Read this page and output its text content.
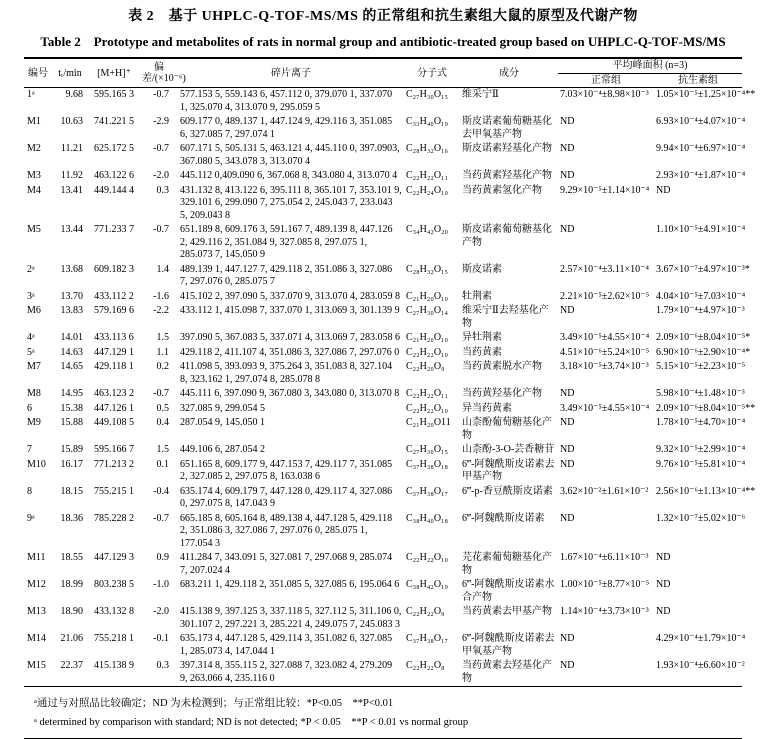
表 2　基于 UHPLC-Q-TOF-MS/MS 的正常组和抗生素组大鼠的原型及代谢产物
Table 2　Prototype and metabolites of rats in normal group and antibiotic-treated group based on UHPLC-Q-TOF-MS/MS
编号	tᵣ/min	[M+H]⁺	偏差/(×10⁻⁶)	碎片离子	分子式	成分	平均峰面积 (n=3)	
							正常组	抗生素组
1ᵃ	9.68	595.165 3	-0.7	577.153 5, 559.143 6, 457.112 0, 379.070 1, 337.070 1, 325.070 4, 313.070 9, 295.059 5	C₂₇H₃₀O₁₅	维采宁Ⅱ	7.03×10⁻⁴±8.98×10⁻³	1.05×10⁻⁵±1.25×10⁻⁴**
M1	10.63	741.221 5	-2.9	609.177 0, 489.137 1, 447.124 9, 429.116 3, 351.085 6, 327.085 7, 297.074 1	C₃₃H₄₀O₁₉	斯皮诺素葡萄糖基化去甲氧基产物	ND	6.93×10⁻⁴±4.07×10⁻⁴
M2	11.21	625.172 5	-0.7	607.171 5, 505.131 5, 463.121 4, 445.110 0, 397.0903, 367.080 5, 343.078 3, 313.070 4	C₂₈H₃₂O₁₆	斯皮诺素羟基化产物	ND	9.94×10⁻⁴±6.97×10⁻⁴
M3	11.92	463.122 6	-2.0	445.112 0,409.090 6, 367.068 8, 343.080 4, 313.070 4	C₂₂H₂₂O₁₁	当药黄素羟基化产物	ND	2.93×10⁻⁴±1.87×10⁻⁴
M4	13.41	449.144 4	0.3	431.132 8, 413.122 6, 395.111 8, 365.101 7, 353.101 9, 329.101 6, 299.090 7, 275.054 2, 245.043 7, 233.043 5, 209.043 8	C₂₂H₂₄O₁₀	当药黄素氢化产物	9.29×10⁻⁵±1.14×10⁻⁴	ND
M5	13.44	771.233 7	-0.7	651.189 8, 609.176 3, 591.167 7, 489.139 8, 447.126 2, 429.116 2, 351.084 9, 327.085 8, 297.075 1, 285.073 7, 145.050 9	C₃₄H₄₂O₂₀	斯皮诺素葡萄糖基化产物	ND	1.10×10⁻⁵±4.91×10⁻⁴
2ᵃ	13.68	609.182 3	1.4	489.139 1, 447.127 7, 429.118 2, 351.086 3, 327.086 7, 297.076 0, 285.075 7	C₂₈H₃₂O₁₅	斯皮诺素	2.57×10⁻⁴±3.11×10⁻⁴	3.67×10⁻⁷±4.97×10⁻³*
3ᵃ	13.70	433.112 2	-1.6	415.102 2, 397.090 5, 337.070 9, 313.070 4, 283.059 8	C₂₁H₂₀O₁₀	牡荆素	2.21×10⁻⁵±2.62×10⁻⁵	4.04×10⁻⁵±7.03×10⁻⁴
M6	13.83	579.169 6	-2.2	433.112 1, 415.098 7, 337.070 1, 313.069 3, 301.139 9	C₂₇H₃₀O₁₄	维采宁Ⅱ去羟基化产物	ND	1.79×10⁻⁴±4.97×10⁻³
4ᵃ	14.01	433.113 6	1.5	397.090 5, 367.083 5, 337.071 4, 313.069 7, 283.058 6	C₂₁H₂₀O₁₀	异牡荆素	3.49×10⁻⁵±4.55×10⁻⁴	2.09×10⁻⁶±8.04×10⁻⁵*
5ᵃ	14.63	447.129 1	1.1	429.118 2, 411.107 4, 351.086 3, 327.086 7, 297.076 0	C₂₂H₂₂O₁₀	当药黄素	4.51×10⁻⁶±5.24×10⁻⁵	6.90×10⁻⁶±2.90×10⁻⁴*
M7	14.65	429.118 1	0.2	411.098 5, 393.093 9, 375.264 3, 351.083 8, 327.104 8, 323.162 1, 297.074 8, 285.078 8	C₂₂H₂₀O₉	当药黄素脱水产物	3.18×10⁻⁵±3.74×10⁻³	5.15×10⁻⁵±2.23×10⁻⁵
M8	14.95	463.123 2	-0.7	445.111 6, 397.090 9, 367.080 3, 343.080 0, 313.070 8	C₂₂H₂₂O₁₁	当药黄羟基化产物	ND	5.98×10⁻⁴±1.48×10⁻³
6	15.38	447.126 1	0.5	327.085 9, 299.054 5	C₂₂H₂₂O₁₀	异当药黄素	3.49×10⁻⁵±4.55×10⁻⁴	2.09×10⁻⁶±8.04×10⁻⁵**
M9	15.88	449.108 5	0.4	287.054 9, 145.050 1	C₂₁H₂₀O11	山柰酚葡萄糖基化产物	ND	1.78×10⁻⁵±4.70×10⁻⁴
7	15.89	595.166 7	1.5	449.106 6, 287.054 2	C₂₇H₃₀O₁₅	山柰酚-3-O-芸香糖苷	ND	9.32×10⁻⁵±2.99×10⁻⁴
M10	16.17	771.213 2	0.1	651.165 8, 609.177 9, 447.153 7, 429.117 7, 351.085 2, 327.085 2, 297.075 8, 163.038 6	C₃₇H₃₈O₁₈	6‴-阿魏酰斯皮诺素去甲基产物	ND	9.76×10⁻⁵±5.81×10⁻⁴
8	18.15	755.215 1	-0.4	635.174 4, 609.179 7, 447.128 0, 429.117 4, 327.086 0, 297.075 8, 147.043 9	C₃₇H₃₈O₁₇	6‴-p-香豆酰斯皮诺素	3.62×10⁻²±1.61×10⁻²	2.56×10⁻⁶±1.13×10⁻⁴**
9ᵃ	18.36	785.228 2	-0.7	665.185 8, 605.164 8, 489.138 4, 447.128 5, 429.118 2, 351.086 3, 327.086 7, 297.076 0, 285.075 1, 177.054 3	C₃₈H₄₀O₁₈	6‴-阿魏酰斯皮诺素	ND	1.32×10⁻⁷±5.02×10⁻⁶
M11	18.55	447.129 3	0.9	411.284 7, 343.091 5, 327.081 7, 297.068 9, 285.074 7, 207.024 4	C₂₂H₂₂O₁₀	芫花素葡萄糖基化产物	1.67×10⁻⁴±6.11×10⁻³	ND
M12	18.99	803.238 5	-1.0	683.211 1, 429.118 2, 351.085 5, 327.085 6, 195.064 6	C₃₈H₄₂O₁₉	6‴-阿魏酰斯皮诺素水合产物	1.00×10⁻⁵±8.77×10⁻⁵	ND
M13	18.90	433.132 8	-2.0	415.138 9, 397.125 3, 337.118 5, 327.112 5, 311.106 0, 301.107 2, 297.221 3, 285.221 4, 249.075 7, 245.083 3	C₂₂H₂₂O₉	当药黄素去甲基产物	1.14×10⁻⁴±3.73×10⁻³	ND
M14	21.06	755.218 1	-0.1	635.173 4, 447.128 5, 429.114 3, 351.082 6, 327.085 1, 285.073 4, 147.044 1	C₃₇H₃₈O₁₇	6‴-阿魏酰斯皮诺素去甲氧基产物	ND	4.29×10⁻⁴±1.79×10⁻⁴
M15	22.37	415.138 9	0.3	397.314 8, 355.115 2, 327.088 7, 323.082 4, 279.209 9, 263.066 4, 235.116 0	C₂₂H₂₂O₈	当药黄素去羟基化产物	ND	1.93×10⁻⁴±6.60×10⁻²
ᵃ通过与对照品比较确定；ND 为未检测到；与正常组比较：*P<0.05　**P<0.01
ᵃ determined by comparison with standard; ND is not detected; *P < 0.05　**P < 0.01 vs normal group
